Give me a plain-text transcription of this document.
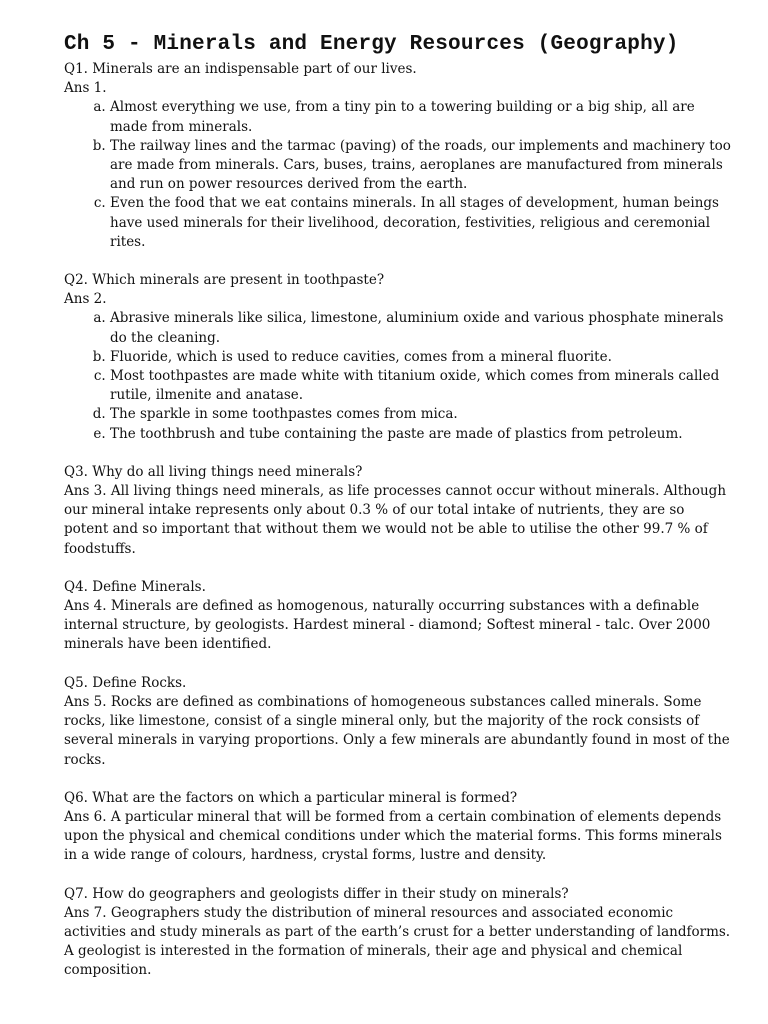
Ch 5 - Minerals and Energy Resources (Geography)

Q1. Minerals are an indispensable part of our lives.

Ans 1.

a. Almost everything we use, from a tiny pin to a towering building or a big ship, all are made from minerals.
b. The railway lines and the tarmac (paving) of the roads, our implements and machinery too are made from minerals. Cars, buses, trains, aeroplanes are manufactured from minerals and run on power resources derived from the earth.
c. Even the food that we eat contains minerals. In all stages of development, human beings have used minerals for their livelihood, decoration, festivities, religious and ceremonial rites.

Q2. Which minerals are present in toothpaste?

Ans 2.

a. Abrasive minerals like silica, limestone, aluminium oxide and various phosphate minerals do the cleaning.
b. Fluoride, which is used to reduce cavities, comes from a mineral fluorite.
c. Most toothpastes are made white with titanium oxide, which comes from minerals called rutile, ilmenite and anatase.
d. The sparkle in some toothpastes comes from mica.
e. The toothbrush and tube containing the paste are made of plastics from petroleum.

Q3. Why do all living things need minerals?

Ans 3. All living things need minerals, as life processes cannot occur without minerals. Although our mineral intake represents only about 0.3 % of our total intake of nutrients, they are so potent and so important that without them we would not be able to utilise the other 99.7 % of foodstuffs.

Q4. Define Minerals.

Ans 4. Minerals are defined as homogenous, naturally occurring substances with a definable internal structure, by geologists. Hardest mineral - diamond; Softest mineral - talc. Over 2000 minerals have been identified.

Q5. Define Rocks.

Ans 5. Rocks are defined as combinations of homogeneous substances called minerals. Some rocks, like limestone, consist of a single mineral only, but the majority of the rock consists of several minerals in varying proportions. Only a few minerals are abundantly found in most of the rocks.

Q6. What are the factors on which a particular mineral is formed?

Ans 6. A particular mineral that will be formed from a certain combination of elements depends upon the physical and chemical conditions under which the material forms. This forms minerals in a wide range of colours, hardness, crystal forms, lustre and density.

Q7. How do geographers and geologists differ in their study on minerals?

Ans 7. Geographers study the distribution of mineral resources and associated economic activities and study minerals as part of the earth’s crust for a better understanding of landforms.

A geologist is interested in the formation of minerals, their age and physical and chemical composition.
